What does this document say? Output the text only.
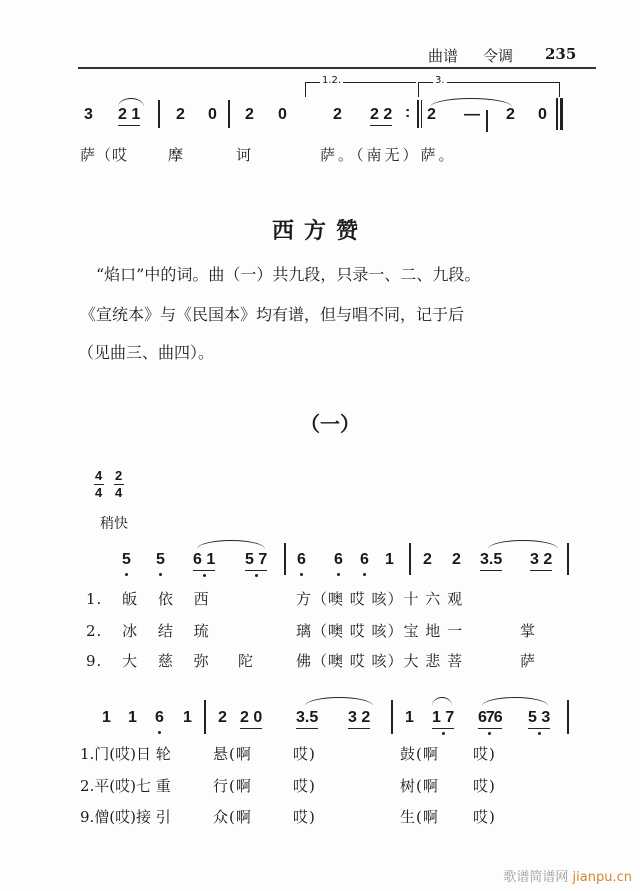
曲谱 令调 235
1.2.	3.
3 2 1 2 0 2 0	2 2 2 : 2 — 2 0
萨（哎	摩	诃	萨。（南无）萨。
西方赞
“焰口”中的词。曲（一）共九段，只录一、二、九段。
《宣统本》与《民国本》均有谱，但与唱不同，记于后
（见曲三、曲四）。
（一）
4
4
2
4
稍快
5 5 6 1 5 7 6 6 6 1 2 2 3.5 3 2
1. 皈 依 西	方（噢 哎 咳）十 六 观
2. 冰 结 琉	璃（噢 哎 咳）宝 地 一	掌
9. 大 慈 弥 陀	佛（噢 哎 咳）大 悲 菩	萨
1 1 6 1 2 2 0 3.5 3 2 1 1 7 676 5 3
1.门(哎)日 轮	悬(啊	哎)	鼓(啊 哎)
2.平(哎)七 重	行(啊	哎)	树(啊 哎)
9.僧(哎)接 引	众(啊	哎)	生(啊 哎)
歌谱简谱网 jianpu.cn
